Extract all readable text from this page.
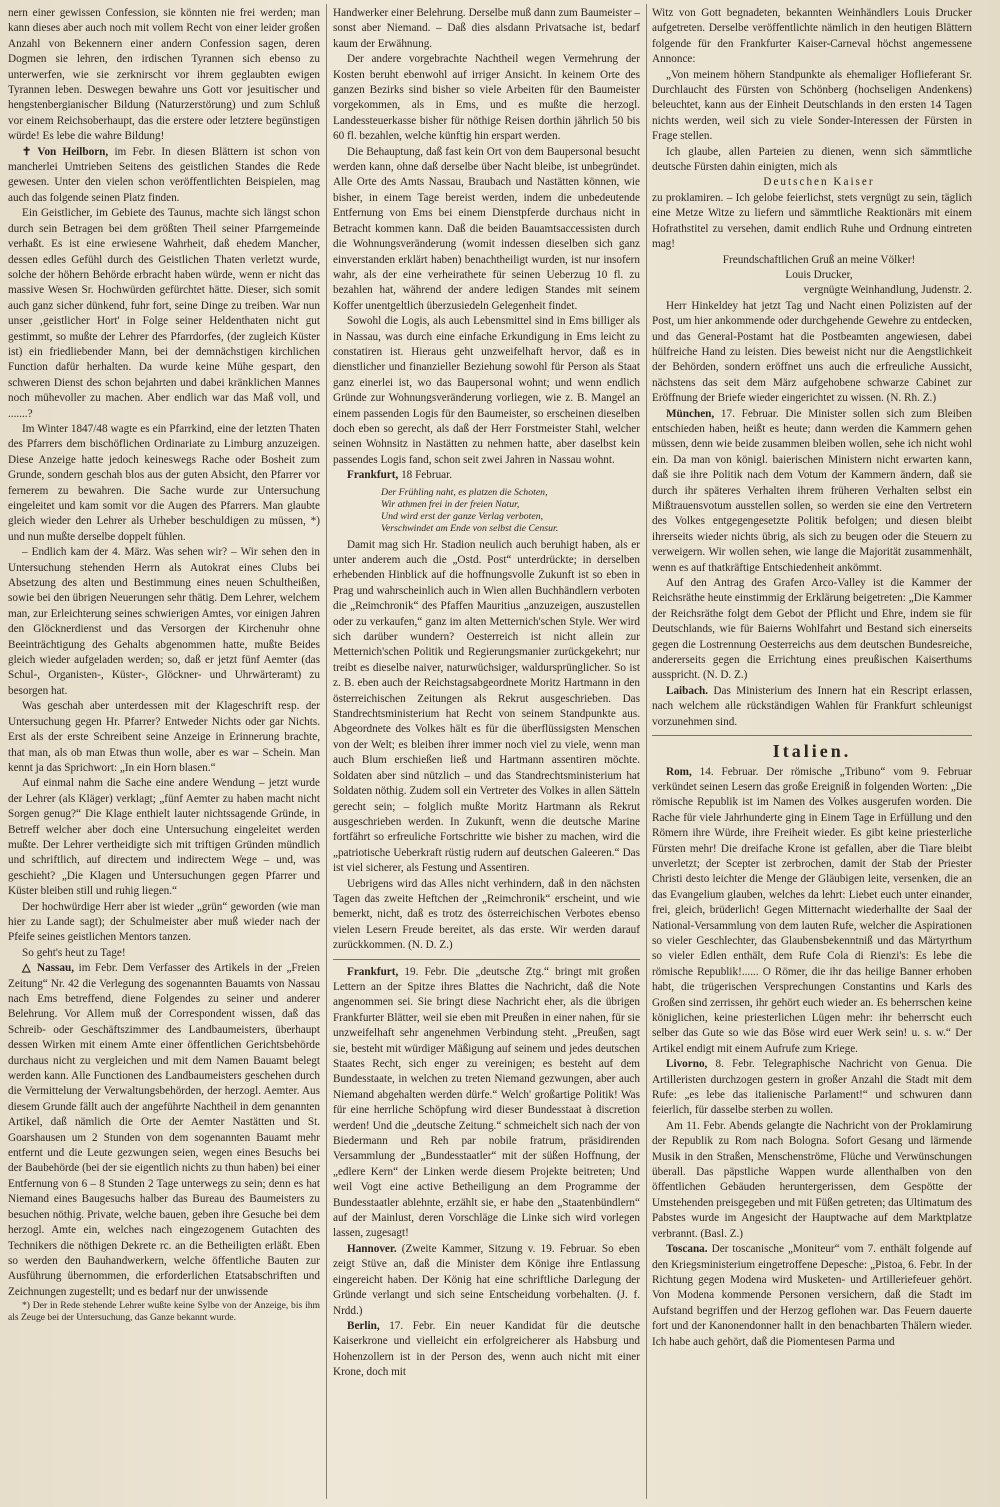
nern einer gewissen Confession, sie könnten nie frei werden; man kann dieses aber auch noch mit vollem Recht von einer leider großen Anzahl von Bekennern einer andern Confession sagen, deren Dogmen sie lehren, den irdischen Tyrannen sich ebenso zu unterwerfen, wie sie zerknirscht vor ihrem geglaubten ewigen Tyrannen leben. Deswegen bewahre uns Gott vor jesuitischer und hengstenbergianischer Bildung (Naturzerstörung) und zum Schluß vor einem Reichsoberhaupt, das die erstere oder letztere begünstigen würde! Es lebe die wahre Bildung!

✝ Von Heilborn, im Febr. In diesen Blättern ist schon von mancherlei Umtrieben Seitens des geistlichen Standes die Rede gewesen. Unter den vielen schon veröffentlichten Beispielen, mag auch das folgende seinen Platz finden.

Ein Geistlicher, im Gebiete des Taunus, machte sich längst schon durch sein Betragen bei dem größten Theil seiner Pfarrgemeinde verhaßt. Es ist eine erwiesene Wahrheit, daß ehedem Mancher, dessen edles Gefühl durch des Geistlichen Thaten verletzt wurde, solche der höhern Behörde erbracht haben würde, wenn er nicht das massive Wesen Sr. Hochwürden gefürchtet hätte. Dieser, sich somit auch ganz sicher dünkend, fuhr fort, seine Dinge zu treiben. War nun unser ‚geistlicher Hort' in Folge seiner Heldenthaten nicht gut gestimmt, so mußte der Lehrer des Pfarrdorfes, (der zugleich Küster ist) ein friedliebender Mann, bei der demnächstigen kirchlichen Function dafür herhalten. Da wurde keine Mühe gespart, den schweren Dienst des schon bejahrten und dabei kränklichen Mannes noch mühevoller zu machen. Aber endlich war das Maß voll, und .......?

Im Winter 1847/48 wagte es ein Pfarrkind, eine der letzten Thaten des Pfarrers dem bischöflichen Ordinariate zu Limburg anzuzeigen. Diese Anzeige hatte jedoch keineswegs Rache oder Bosheit zum Grunde, sondern geschah blos aus der guten Absicht, den Pfarrer vor fernerem zu bewahren. Die Sache wurde zur Untersuchung eingeleitet und kam somit vor die Augen des Pfarrers. Man glaubte gleich wieder den Lehrer als Urheber beschuldigen zu müssen, *) und nun mußte derselbe doppelt fühlen.

– Endlich kam der 4. März. Was sehen wir? – Wir sehen den in Untersuchung stehenden Herrn als Autokrat eines Clubs bei Absetzung des alten und Bestimmung eines neuen Schultheißen, sowie bei den übrigen Neuerungen sehr thätig. Dem Lehrer, welchem man, zur Erleichterung seines schwierigen Amtes, vor einigen Jahren den Glöcknerdienst und das Versorgen der Kirchenuhr ohne Beeinträchtigung des Gehalts abgenommen hatte, mußte Beides gleich wieder aufgeladen werden; so, daß er jetzt fünf Aemter (das Schul-, Organisten-, Küster-, Glöckner- und Uhrwärteramt) zu besorgen hat.

Was geschah aber unterdessen mit der Klageschrift resp. der Untersuchung gegen Hr. Pfarrer? Entweder Nichts oder gar Nichts. Erst als der erste Schreibent seine Anzeige in Erinnerung brachte, that man, als ob man Etwas thun wolle, aber es war – Schein. Man kennt ja das Sprichwort: „In ein Horn blasen.“

Auf einmal nahm die Sache eine andere Wendung – jetzt wurde der Lehrer (als Kläger) verklagt; „fünf Aemter zu haben macht nicht Sorgen genug?“ Die Klage enthielt lauter nichtssagende Gründe, in Betreff welcher aber doch eine Untersuchung eingeleitet werden mußte. Der Lehrer vertheidigte sich mit triftigen Gründen mündlich und schriftlich, auf directem und indirectem Wege – und, was geschieht? „Die Klagen und Untersuchungen gegen Pfarrer und Küster bleiben still und ruhig liegen.“

Der hochwürdige Herr aber ist wieder „grün“ geworden (wie man hier zu Lande sagt); der Schulmeister aber muß wieder nach der Pfeife seines geistlichen Mentors tanzen.

So geht's heut zu Tage!

△ Nassau, im Febr. Dem Verfasser des Artikels in der „Freien Zeitung“ Nr. 42 die Verlegung des sogenannten Bauamts von Nassau nach Ems betreffend, diene Folgendes zu seiner und anderer Belehrung. Vor Allem muß der Correspondent wissen, daß das Schreib- oder Geschäftszimmer des Landbaumeisters, überhaupt dessen Wirken mit einem Amte einer öffentlichen Gerichtsbehörde durchaus nicht zu vergleichen und mit dem Namen Bauamt belegt werden kann. Alle Functionen des Landbaumeisters geschehen durch die Vermittelung der Verwaltungsbehörden, der herzogl. Aemter. Aus diesem Grunde fällt auch der angeführte Nachtheil in dem genannten Artikel, daß nämlich die Orte der Aemter Nastätten und St. Goarshausen um 2 Stunden von dem sogenannten Bauamt mehr entfernt und die Leute gezwungen seien, wegen eines Besuchs bei der Baubehörde (bei der sie eigentlich nichts zu thun haben) bei einer Entfernung von 6 – 8 Stunden 2 Tage unterwegs zu sein; denn es hat Niemand eines Baugesuchs halber das Bureau des Baumeisters zu besuchen nöthig. Private, welche bauen, geben ihre Gesuche bei dem herzogl. Amte ein, welches nach eingezogenem Gutachten des Technikers die nöthigen Dekrete rc. an die Betheiligten erläßt. Eben so werden den Bauhandwerkern, welche öffentliche Bauten zur Ausführung übernommen, die erforderlichen Etatsabschriften und Zeichnungen zugestellt; und es bedarf nur der unwissende

*) Der in Rede stehende Lehrer wußte keine Sylbe von der Anzeige, bis ihm als Zeuge bei der Untersuchung, das Ganze bekannt wurde.

Handwerker einer Belehrung. Derselbe muß dann zum Baumeister – sonst aber Niemand. – Daß dies alsdann Privatsache ist, bedarf kaum der Erwähnung.

Der andere vorgebrachte Nachtheil wegen Vermehrung der Kosten beruht ebenwohl auf irriger Ansicht. In keinem Orte des ganzen Bezirks sind bisher so viele Arbeiten für den Baumeister vorgekommen, als in Ems, und es mußte die herzogl. Landessteuerkasse bisher für nöthige Reisen dorthin jährlich 50 bis 60 fl. bezahlen, welche künftig hin erspart werden.

Die Behauptung, daß fast kein Ort von dem Baupersonal besucht werden kann, ohne daß derselbe über Nacht bleibe, ist unbegründet. Alle Orte des Amts Nassau, Braubach und Nastätten können, wie bisher, in einem Tage bereist werden, indem die unbedeutende Entfernung von Ems bei einem Dienstpferde durchaus nicht in Betracht kommen kann. Daß die beiden Bauamtsaccessisten durch die Wohnungsveränderung (womit indessen dieselben sich ganz einverstanden erklärt haben) benachtheiligt wurden, ist nur insofern wahr, als der eine verheirathete für seinen Ueberzug 10 fl. zu bezahlen hat, während der andere ledigen Standes mit seinem Koffer unentgeltlich überzusiedeln Gelegenheit findet.

Sowohl die Logis, als auch Lebensmittel sind in Ems billiger als in Nassau, was durch eine einfache Erkundigung in Ems leicht zu constatiren ist. Hieraus geht unzweifelhaft hervor, daß es in dienstlicher und finanzieller Beziehung sowohl für Person als Staat ganz einerlei ist, wo das Baupersonal wohnt; und wenn endlich Gründe zur Wohnungsveränderung vorliegen, wie z. B. Mangel an einem passenden Logis für den Baumeister, so erscheinen dieselben doch eben so gerecht, als daß der Herr Forstmeister Stahl, welcher seinen Wohnsitz in Nastätten zu nehmen hatte, aber daselbst kein passendes Logis fand, schon seit zwei Jahren in Nassau wohnt.

Frankfurt, 18 Februar.

Der Frühling naht, es platzen die Schoten,
Wir athmen frei in der freien Natur,
Und wird erst der ganze Verlag verboten,
Verschwindet am Ende von selbst die Censur.

Damit mag sich Hr. Stadion neulich auch beruhigt haben, als er unter anderem auch die „Ostd. Post“ unterdrückte; in derselben erhebenden Hinblick auf die hoffnungsvolle Zukunft ist so eben in Prag und wahrscheinlich auch in Wien allen Buchhändlern verboten die „Reimchronik“ des Pfaffen Mauritius „anzuzeigen, auszustellen oder zu verkaufen,“ ganz im alten Metternich'schen Style. Wer wird sich darüber wundern? Oesterreich ist nicht allein zur Metternich'schen Politik und Regierungsmanier zurückgekehrt; nur treibt es dieselbe naiver, naturwüchsiger, waldursprünglicher. So ist z. B. eben auch der Reichstagsabgeordnete Moritz Hartmann in den österreichischen Zeitungen als Rekrut ausgeschrieben. Das Standrechtsministerium hat Recht von seinem Standpunkte aus. Abgeordnete des Volkes hält es für die überflüssigsten Menschen von der Welt; es bleiben ihrer immer noch viel zu viele, wenn man auch Blum erschießen ließ und Hartmann assentiren möchte. Soldaten aber sind nützlich – und das Standrechtsministerium hat Soldaten nöthig. Zudem soll ein Vertreter des Volkes in allen Sätteln gerecht sein; – folglich mußte Moritz Hartmann als Rekrut ausgeschrieben werden. In Zukunft, wenn die deutsche Marine fortfährt so erfreuliche Fortschritte wie bisher zu machen, wird die „patriotische Ueberkraft rüstig rudern auf deutschen Galeeren.“ Das ist viel sicherer, als Festung und Assentiren.

Uebrigens wird das Alles nicht verhindern, daß in den nächsten Tagen das zweite Heftchen der „Reimchronik“ erscheint, und wie bemerkt, nicht, daß es trotz des österreichischen Verbotes ebenso vielen Lesern Freude bereitet, als das erste. Wir werden darauf zurückkommen. (N. D. Z.)

Frankfurt, 19. Febr. Die „deutsche Ztg.“ bringt mit großen Lettern an der Spitze ihres Blattes die Nachricht, daß die Note angenommen sei. Sie bringt diese Nachricht eher, als die übrigen Frankfurter Blätter, weil sie eben mit Preußen in einer nahen, für sie unzweifelhaft sehr angenehmen Verbindung steht. „Preußen, sagt sie, besteht mit würdiger Mäßigung auf seinem und jedes deutschen Staates Recht, sich enger zu vereinigen; es besteht auf dem Bundesstaate, in welchen zu treten Niemand gezwungen, aber auch Niemand abgehalten werden dürfe.“ Welch' großartige Politik! Was für eine herrliche Schöpfung wird dieser Bundesstaat à discretion werden! Und die „deutsche Zeitung.“ schmeichelt sich nach der von Biedermann und Reh par nobile fratrum, präsidirenden Versammlung der „Bundesstaatler“ mit der süßen Hoffnung, der „edlere Kern“ der Linken werde diesem Projekte beitreten; Und weil Vogt eine active Betheiligung an dem Programme der Bundesstaatler ablehnte, erzählt sie, er habe den „Staatenbündlern“ auf der Mainlust, deren Vorschläge die Linke sich wird vorlegen lassen, zugesagt!

Hannover. (Zweite Kammer, Sitzung v. 19. Februar. So eben zeigt Stüve an, daß die Minister dem Könige ihre Entlassung eingereicht haben. Der König hat eine schriftliche Darlegung der Gründe verlangt und sich seine Entscheidung vorbehalten. (J. f. Nrdd.)

Berlin, 17. Febr. Ein neuer Kandidat für die deutsche Kaiserkrone und vielleicht ein erfolgreicherer als Habsburg und Hohenzollern ist in der Person des, wenn auch nicht mit einer Krone, doch mit

Witz von Gott begnadeten, bekannten Weinhändlers Louis Drucker aufgetreten. Derselbe veröffentlichte nämlich in den heutigen Blättern folgende für den Frankfurter Kaiser-Carneval höchst angemessene Annonce:

„Von meinem höhern Standpunkte als ehemaliger Hoflieferant Sr. Durchlaucht des Fürsten von Schönberg (hochseligen Andenkens) beleuchtet, kann aus der Einheit Deutschlands in den ersten 14 Tagen nichts werden, weil sich zu viele Sonder-Interessen der Fürsten in Frage stellen.

Ich glaube, allen Parteien zu dienen, wenn sich sämmtliche deutsche Fürsten dahin einigten, mich als

Deutschen Kaiser

zu proklamiren. – Ich gelobe feierlichst, stets vergnügt zu sein, täglich eine Metze Witze zu liefern und sämmtliche Reaktionärs mit einem Hofrathstitel zu versehen, damit endlich Ruhe und Ordnung eintreten mag!

Freundschaftlichen Gruß an meine Völker!

Louis Drucker,

vergnügte Weinhandlung, Judenstr. 2.

Herr Hinkeldey hat jetzt Tag und Nacht einen Polizisten auf der Post, um hier ankommende oder durchgehende Gewehre zu entdecken, und das General-Postamt hat die Postbeamten angewiesen, dabei hülfreiche Hand zu leisten. Dies beweist nicht nur die Aengstlichkeit der Behörden, sondern eröffnet uns auch die erfreuliche Aussicht, nächstens das seit dem März aufgehobene schwarze Cabinet zur Eröffnung der Briefe wieder eingerichtet zu wissen. (N. Rh. Z.)

München, 17. Februar. Die Minister sollen sich zum Bleiben entschieden haben, heißt es heute; dann werden die Kammern gehen müssen, denn wie beide zusammen bleiben wollen, sehe ich nicht wohl ein. Da man von königl. baierischen Ministern nicht erwarten kann, daß sie ihre Politik nach dem Votum der Kammern ändern, daß sie durch ihr späteres Verhalten ihrem früheren Verhalten selbst ein Mißtrauensvotum ausstellen sollen, so werden sie eine den Vertretern des Volkes entgegengesetzte Politik befolgen; und diesen bleibt ihrerseits wieder nichts übrig, als sich zu beugen oder die Steuern zu verweigern. Wir wollen sehen, wie lange die Majorität zusammenhält, wenn es auf thatkräftige Entschiedenheit ankömmt.

Auf den Antrag des Grafen Arco-Valley ist die Kammer der Reichsräthe heute einstimmig der Erklärung beigetreten: „Die Kammer der Reichsräthe folgt dem Gebot der Pflicht und Ehre, indem sie für Deutschlands, wie für Baierns Wohlfahrt und Bestand sich einerseits gegen die Lostrennung Oesterreichs aus dem deutschen Bundesreiche, andererseits gegen die Errichtung eines preußischen Kaiserthums ausspricht. (N. D. Z.)

Laibach. Das Ministerium des Innern hat ein Rescript erlassen, nach welchem alle rückständigen Wahlen für Frankfurt schleunigst vorzunehmen sind.

Italien.

Rom, 14. Februar. Der römische „Tribuno“ vom 9. Februar verkündet seinen Lesern das große Ereigniß in folgenden Worten: „Die römische Republik ist im Namen des Volkes ausgerufen worden. Die Rache für viele Jahrhunderte ging in Einem Tage in Erfüllung und den Römern ihre Würde, ihre Freiheit wieder. Es gibt keine priesterliche Fürsten mehr! Die dreifache Krone ist gefallen, aber die Tiare bleibt unverletzt; der Scepter ist zerbrochen, damit der Stab der Priester Christi desto leichter die Menge der Gläubigen leite, versenken, die an das Evangelium glauben, welches da lehrt: Liebet euch unter einander, frei, gleich, brüderlich! Gegen Mitternacht wiederhallte der Saal der National-Versammlung von dem lauten Rufe, welcher die Aspirationen so vieler Geschlechter, das Glaubensbekenntniß und das Märtyrthum so vieler Edlen enthält, dem Rufe Cola di Rienzi's: Es lebe die römische Republik!...... O Römer, die ihr das heilige Banner erhoben habt, die trügerischen Versprechungen Constantins und Karls des Großen sind zerrissen, ihr gehört euch wieder an. Es beherrschen keine königlichen, keine priesterlichen Lügen mehr: ihr beherrscht euch selber das Gute so wie das Böse wird euer Werk sein! u. s. w.“ Der Artikel endigt mit einem Aufrufe zum Kriege.

Livorno, 8. Febr. Telegraphische Nachricht von Genua. Die Artilleristen durchzogen gestern in großer Anzahl die Stadt mit dem Rufe: „es lebe das italienische Parlament!“ und schwuren dann feierlich, für dasselbe sterben zu wollen.

Am 11. Febr. Abends gelangte die Nachricht von der Proklamirung der Republik zu Rom nach Bologna. Sofort Gesang und lärmende Musik in den Straßen, Menschenströme, Flüche und Verwünschungen überall. Das päpstliche Wappen wurde allenthalben von den öffentlichen Gebäuden heruntergerissen, dem Gespötte der Umstehenden preisgegeben und mit Füßen getreten; das Ultimatum des Pabstes wurde im Angesicht der Hauptwache auf dem Marktplatze verbrannt. (Basl. Z.)

Toscana. Der toscanische „Moniteur“ vom 7. enthält folgende auf den Kriegsministerium eingetroffene Depesche: „Pistoa, 6. Febr. In der Richtung gegen Modena wird Musketen- und Artilleriefeuer gehört. Von Modena kommende Personen versichern, daß die Stadt im Aufstand begriffen und der Herzog geflohen war. Das Feuern dauerte fort und der Kanonendonner hallt in den benachbarten Thälern wieder. Ich habe auch gehört, daß die Piomentesen Parma und
